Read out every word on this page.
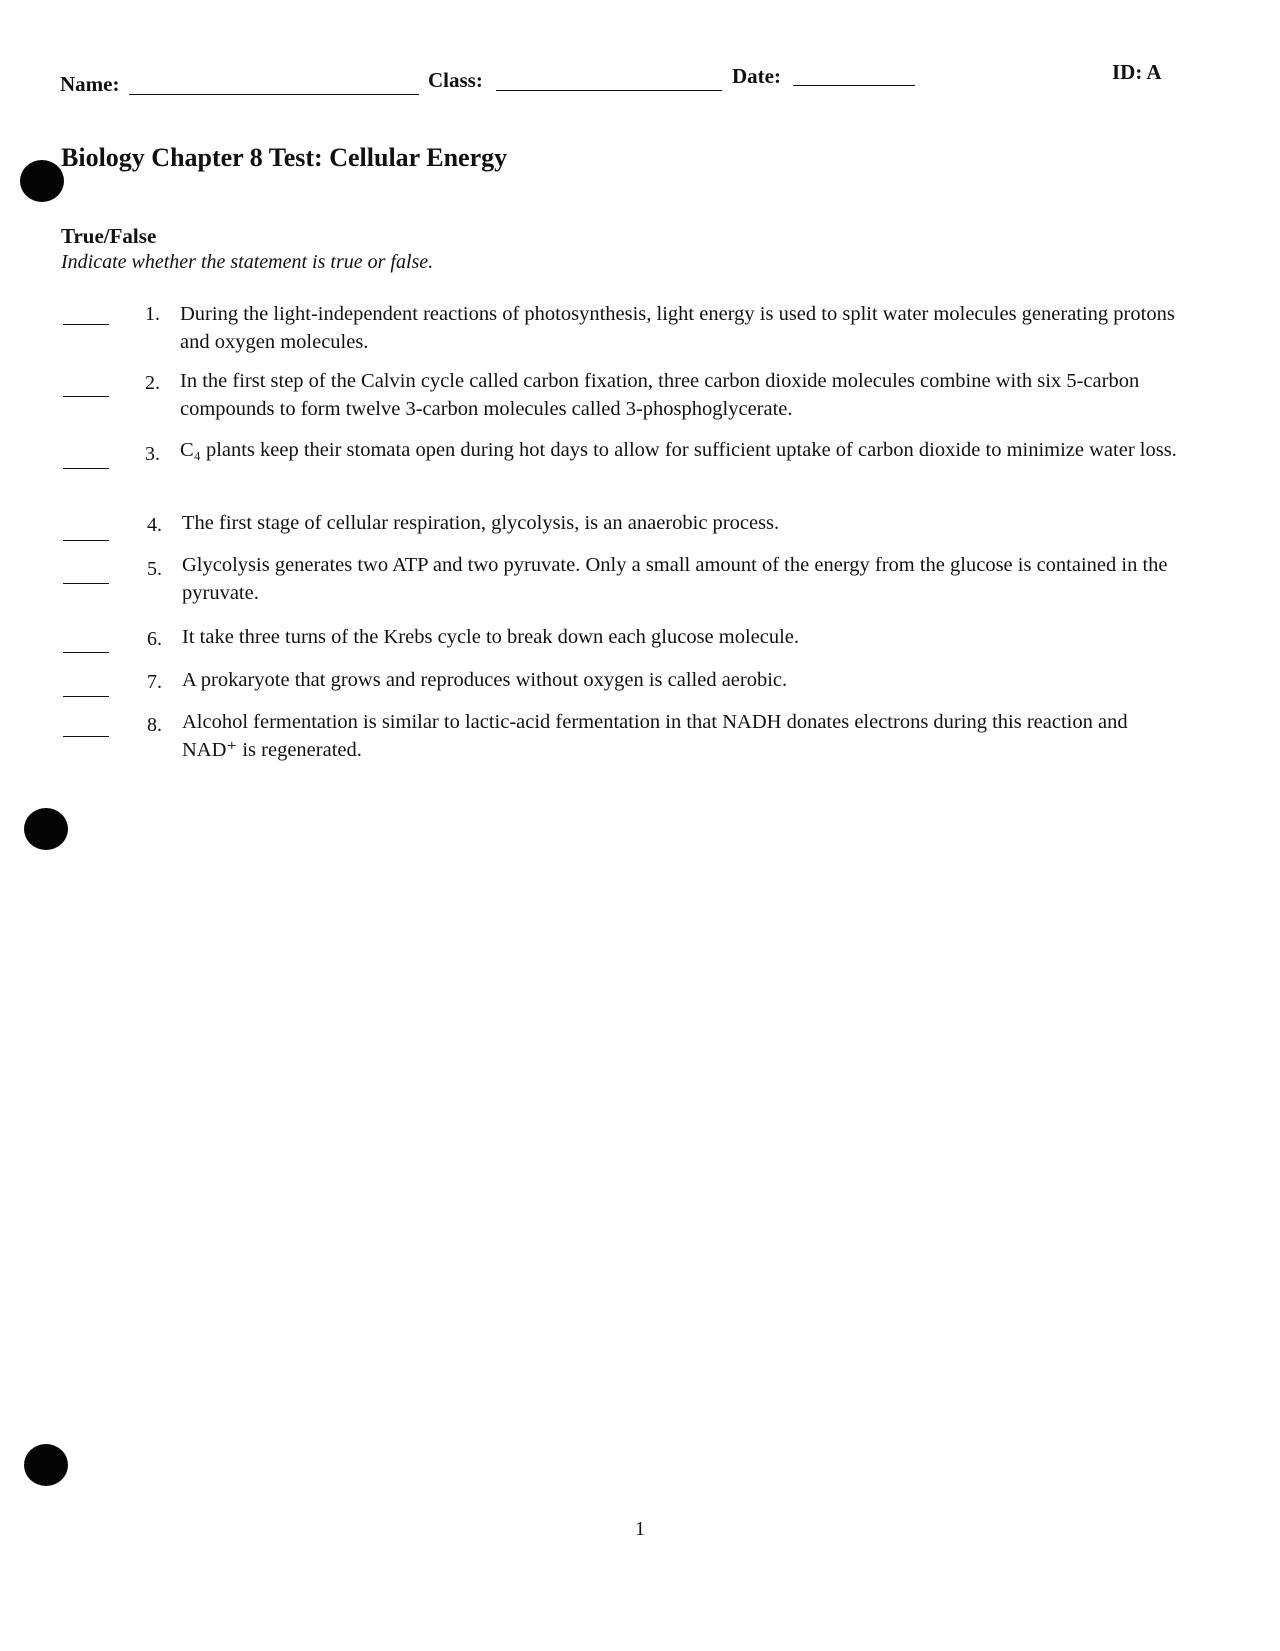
Name:	Class:	Date:	ID: A
Biology Chapter 8 Test: Cellular Energy

True/False

Indicate whether the statement is true or false.

1. During the light-independent reactions of photosynthesis, light energy is used to split water molecules generating protons and oxygen molecules.
2. In the first step of the Calvin cycle called carbon fixation, three carbon dioxide molecules combine with six 5-carbon compounds to form twelve 3-carbon molecules called 3-phosphoglycerate.
3. C₄ plants keep their stomata open during hot days to allow for sufficient uptake of carbon dioxide to minimize water loss.
4. The first stage of cellular respiration, glycolysis, is an anaerobic process.
5. Glycolysis generates two ATP and two pyruvate. Only a small amount of the energy from the glucose is contained in the pyruvate.
6. It take three turns of the Krebs cycle to break down each glucose molecule.
7. A prokaryote that grows and reproduces without oxygen is called aerobic.
8. Alcohol fermentation is similar to lactic-acid fermentation in that NADH donates electrons during this reaction and NAD⁺ is regenerated.
1
